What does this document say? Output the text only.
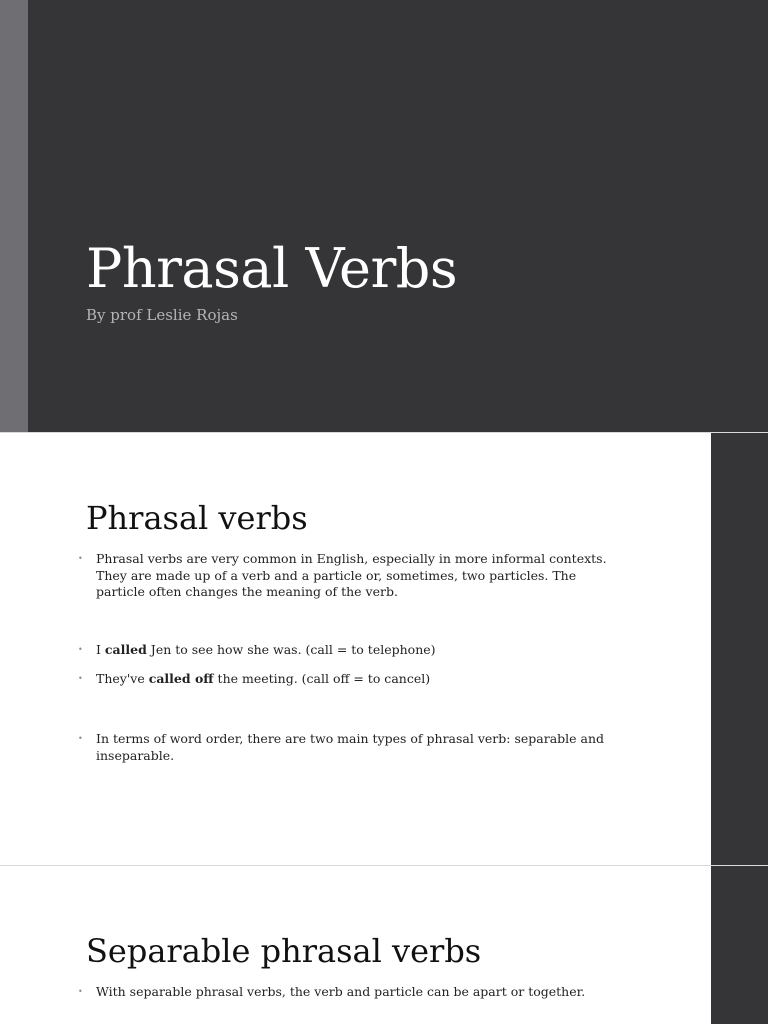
Phrasal Verbs

By prof Leslie Rojas

Phrasal verbs
• Phrasal verbs are very common in English, especially in more informal contexts. They are made up of a verb and a particle or, sometimes, two particles. The particle often changes the meaning of the verb.
• I called Jen to see how she was. (call = to telephone)
• They've called off the meeting. (call off = to cancel)
• In terms of word order, there are two main types of phrasal verb: separable and inseparable.
Separable phrasal verbs
• With separable phrasal verbs, the verb and particle can be apart or together.
